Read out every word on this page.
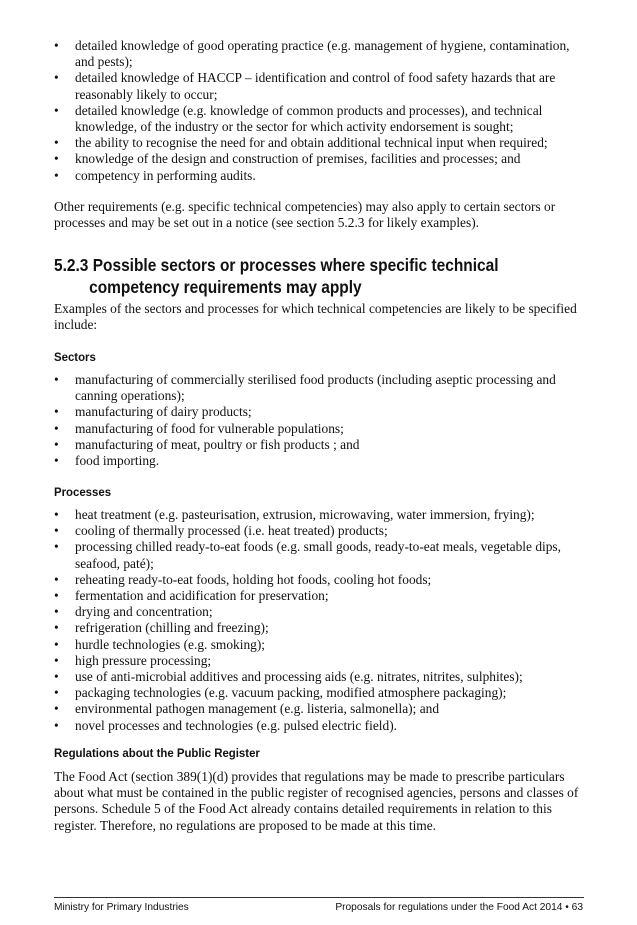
• detailed knowledge of good operating practice (e.g. management of hygiene, contamination, and pests);
• detailed knowledge of HACCP – identification and control of food safety hazards that are reasonably likely to occur;
• detailed knowledge (e.g. knowledge of common products and processes), and technical knowledge, of the industry or the sector for which activity endorsement is sought;
• the ability to recognise the need for and obtain additional technical input when required;
• knowledge of the design and construction of premises, facilities and processes; and
• competency in performing audits.

Other requirements (e.g. specific technical competencies) may also apply to certain sectors or processes and may be set out in a notice (see section 5.2.3 for likely examples).

5.2.3 Possible sectors or processes where specific technical
competency requirements may apply

Examples of the sectors and processes for which technical competencies are likely to be specified include:

Sectors
• manufacturing of commercially sterilised food products (including aseptic processing and canning operations);
• manufacturing of dairy products;
• manufacturing of food for vulnerable populations;
• manufacturing of meat, poultry or fish products ; and
• food importing.
Processes
• heat treatment (e.g. pasteurisation, extrusion, microwaving, water immersion, frying);
• cooling of thermally processed (i.e. heat treated) products;
• processing chilled ready-to-eat foods (e.g. small goods, ready-to-eat meals, vegetable dips, seafood, paté);
• reheating ready-to-eat foods, holding hot foods, cooling hot foods;
• fermentation and acidification for preservation;
• drying and concentration;
• refrigeration (chilling and freezing);
• hurdle technologies (e.g. smoking);
• high pressure processing;
• use of anti-microbial additives and processing aids (e.g. nitrates, nitrites, sulphites);
• packaging technologies (e.g. vacuum packing, modified atmosphere packaging);
• environmental pathogen management (e.g. listeria, salmonella); and
• novel processes and technologies (e.g. pulsed electric field).
Regulations about the Public Register

The Food Act (section 389(1)(d) provides that regulations may be made to prescribe particulars about what must be contained in the public register of recognised agencies, persons and classes of persons. Schedule 5 of the Food Act already contains detailed requirements in relation to this register. Therefore, no regulations are proposed to be made at this time.

Ministry for Primary Industries	Proposals for regulations under the Food Act 2014 • 63
